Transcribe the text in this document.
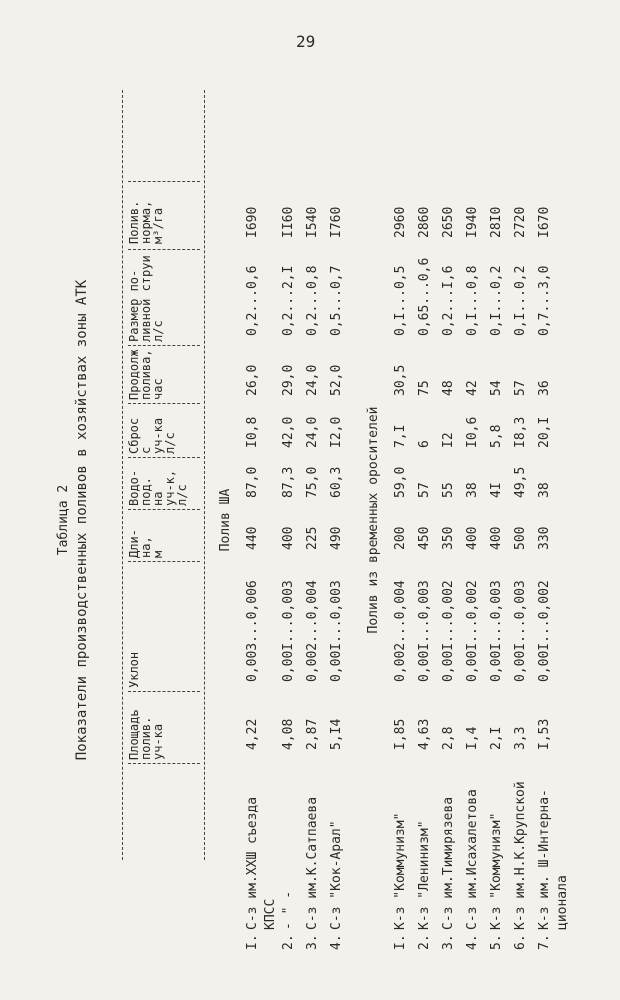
29
Таблица 2 Показатели производственных поливов в хозяйствах зоны АТК	Площадь
полив.
уч-ка
Уклон
Дли-
на,
м
Водо-
под.
на
уч-к,
л/с
Сброс
с
уч-ка
л/с
Продолж
полива,
час
Размер по-
ливной струи
л/с
Полив.
норма,
м³/га
Полив ША
I.
С-з им.XXШ съезда КПСС
4,22
0,003...0,006
440
87,0
I0,8
26,0
0,2...0,6
I690
2.
- " -
4,08
0,00I...0,003
400
87,3
42,0
29,0
0,2...2,I
II60
3.
С-з им.К.Сатпаева
2,87
0,002...0,004
225
75,0
24,0
24,0
0,2...0,8
I540
4.
С-з "Кок-Арал"
5,I4
0,00I...0,003
490
60,3
I2,0
52,0
0,5...0,7
I760
Полив из временных оросителей
I.
К-з "Коммунизм"
I,85
0,002...0,004
200
59,0
7,I
30,5
0,I...0,5
2960
2.
К-з "Ленинизм"
4,63
0,00I...0,003
450
57
6
75
0,65...0,6
2860
3.
С-з им.Тимирязева
2,8
0,00I...0,002
350
55
I2
48
0,2...I,6
2650
4.
С-з им.Исахалетова
I,4
0,00I...0,002
400
38
I0,6
42
0,I...0,8
I940
5.
К-з "Коммунизм"
2,I
0,00I...0,003
400
4I
5,8
54
0,I...0,2
28I0
6.
К-з им.Н.К.Крупской
3,3
0,00I...0,003
500
49,5
I8,3
57
0,I...0,2
2720
7.
К-з им. Ш-Интерна- ционала
I,53
0,00I...0,002
330
38
20,I
36
0,7...3,0
I670
